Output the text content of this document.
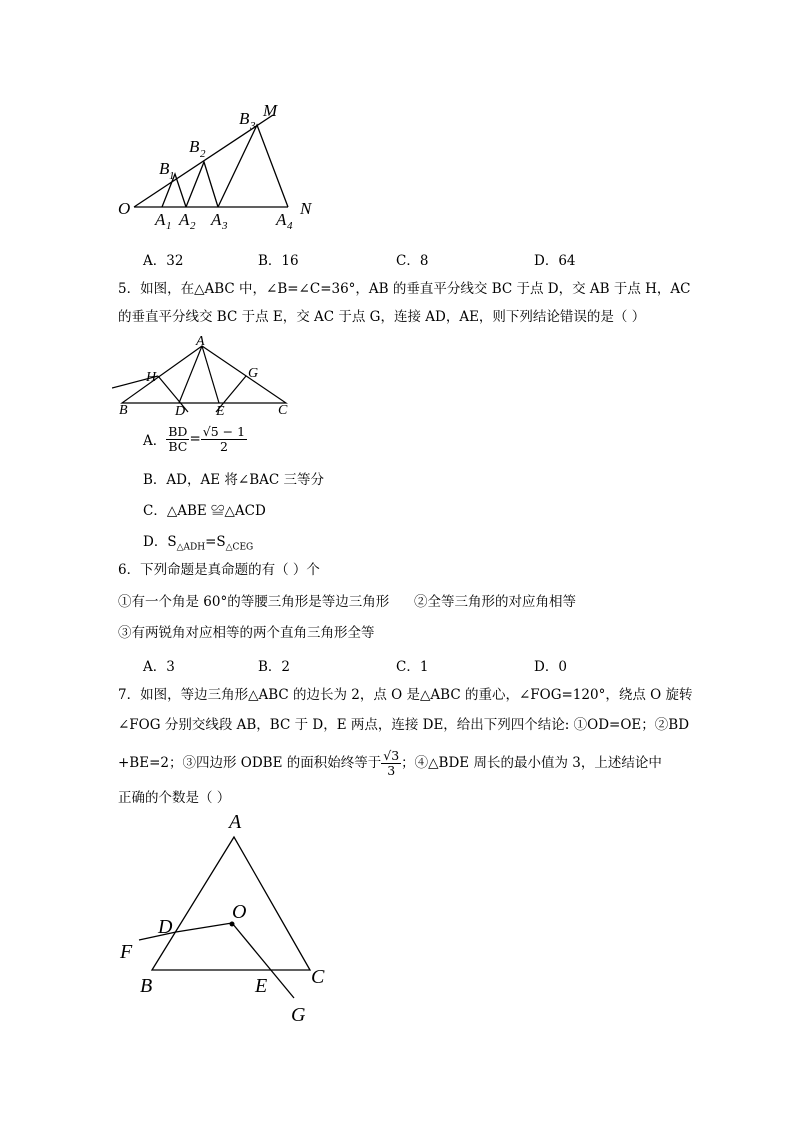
O
M
N
B 1
B 2
B 3
A 1 A 2 A 3	A 4
A．32	B．16	C．8	D．64
5．如图，在△ABC 中，∠B=∠C=36°，AB 的垂直平分线交 BC 于点 D，交 AB 于点 H，AC
的垂直平分线交 BC 于点 E，交 AC 于点 G，连接 AD，AE，则下列结论错误的是（ ）
A
B	C
D E
H	G
A． $\frac{BD}{BC} = \frac{√5 - 1}{2}$
B．AD，AE 将∠BAC 三等分
C．△ABE ≌△ACD
D．$S_{\triangle ADH}=S_{\triangle CEG}$
6．下列命题是真命题的有（ ）个
①有一个角是 60°的等腰三角形是等边三角形 ②全等三角形的对应角相等
③有两锐角对应相等的两个直角三角形全等
A．3	B．2	C．1	D．0
7．如图，等边三角形△ABC 的边长为 2，点 O 是△ABC 的重心，∠FOG=120°，绕点 O 旋转
∠FOG 分别交线段 AB，BC 于 D，E 两点，连接 DE，给出下列四个结论: ①OD=OE；②BD
+BE=2；③四边形 ODBE 的面积始终等于 $\frac{√3}{3}$ ；④△BDE 周长的最小值为 3，上述结论中
正确的个数是（ ）
A
B	C
D
E
O
F
G
